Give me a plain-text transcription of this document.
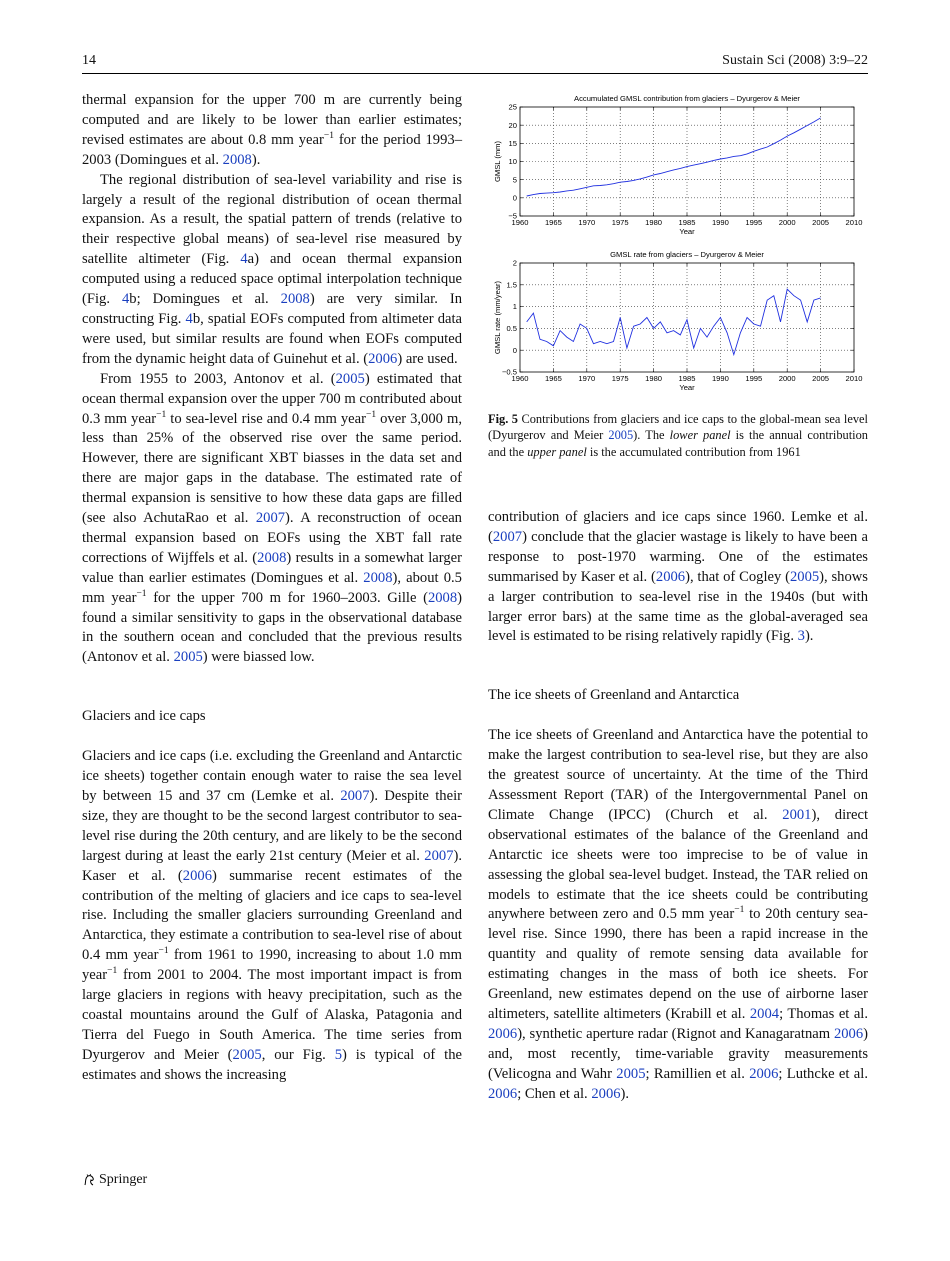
14	Sustain Sci (2008) 3:9–22

thermal expansion for the upper 700 m are currently being computed and are likely to be lower than earlier estimates; revised estimates are about 0.8 mm year$^{-1}$ for the period 1993–2003 (Domingues et al. 2008).

The regional distribution of sea-level variability and rise is largely a result of the regional distribution of ocean thermal expansion. As a result, the spatial pattern of trends (relative to their respective global means) of sea-level rise measured by satellite altimeter (Fig. 4a) and ocean thermal expansion computed using a reduced space optimal interpolation technique (Fig. 4b; Domingues et al. 2008) are very similar. In constructing Fig. 4b, spatial EOFs computed from altimeter data were used, but similar results are found when EOFs computed from the dynamic height data of Guinehut et al. (2006) are used.

From 1955 to 2003, Antonov et al. (2005) estimated that ocean thermal expansion over the upper 700 m contributed about 0.3 mm year$^{-1}$ to sea-level rise and 0.4 mm year$^{-1}$ over 3,000 m, less than 25% of the observed rise over the same period. However, there are significant XBT biasses in the data set and there are major gaps in the database. The estimated rate of thermal expansion is sensitive to how these data gaps are filled (see also AchutaRao et al. 2007). A reconstruction of ocean thermal expansion based on EOFs using the XBT fall rate corrections of Wijffels et al. (2008) results in a somewhat larger value than earlier estimates (Domingues et al. 2008), about 0.5 mm year$^{-1}$ for the upper 700 m for 1960–2003. Gille (2008) found a similar sensitivity to gaps in the observational database in the southern ocean and concluded that the previous results (Antonov et al. 2005) were biassed low.

Glaciers and ice caps

Glaciers and ice caps (i.e. excluding the Greenland and Antarctic ice sheets) together contain enough water to raise the sea level by between 15 and 37 cm (Lemke et al. 2007). Despite their size, they are thought to be the second largest contributor to sea-level rise during the 20th century, and are likely to be the second largest during at least the early 21st century (Meier et al. 2007). Kaser et al. (2006) summarise recent estimates of the contribution of the melting of glaciers and ice caps to sea-level rise. Including the smaller glaciers surrounding Greenland and Antarctica, they estimate a contribution to sea-level rise of about 0.4 mm year$^{-1}$ from 1961 to 1990, increasing to about 1.0 mm year$^{-1}$ from 2001 to 2004. The most important impact is from large glaciers in regions with heavy precipitation, such as the coastal mountains around the Gulf of Alaska, Patagonia and Tierra del Fuego in South America. The time series from Dyurgerov and Meier (2005, our Fig. 5) is typical of the estimates and shows the increasing

Accumulated GMSL contribution from glaciers – Dyurgerov & Meier
1960 1965 1970 1975 1980 1985 1990 1995 2000 2005 2010
−5
0
5
10
15
20
25
Year
GMSL (mm)
GMSL rate from glaciers – Dyurgerov & Meier
1960 1965 1970 1975 1980 1985 1990 1995 2000 2005 2010
−0.5
0
0.5
1
1.5
2
Year
GMSL rate (mm/year)
Fig. 5 Contributions from glaciers and ice caps to the global-mean sea level (Dyurgerov and Meier 2005). The lower panel is the annual contribution and the upper panel is the accumulated contribution from 1961

contribution of glaciers and ice caps since 1960. Lemke et al. (2007) conclude that the glacier wastage is likely to have been a response to post-1970 warming. One of the estimates summarised by Kaser et al. (2006), that of Cogley (2005), shows a larger contribution to sea-level rise in the 1940s (but with larger error bars) at the same time as the global-averaged sea level is estimated to be rising relatively rapidly (Fig. 3).

The ice sheets of Greenland and Antarctica

The ice sheets of Greenland and Antarctica have the potential to make the largest contribution to sea-level rise, but they are also the greatest source of uncertainty. At the time of the Third Assessment Report (TAR) of the Intergovernmental Panel on Climate Change (IPCC) (Church et al. 2001), direct observational estimates of the balance of the Greenland and Antarctic ice sheets were too imprecise to be of value in assessing the global sea-level budget. Instead, the TAR relied on models to estimate that the ice sheets could be contributing anywhere between zero and 0.5 mm year$^{-1}$ to 20th century sea-level rise. Since 1990, there has been a rapid increase in the quantity and quality of remote sensing data available for estimating changes in the mass of both ice sheets. For Greenland, new estimates depend on the use of airborne laser altimeters, satellite altimeters (Krabill et al. 2004; Thomas et al. 2006), synthetic aperture radar (Rignot and Kanagaratnam 2006) and, most recently, time-variable gravity measurements (Velicogna and Wahr 2005; Ramillien et al. 2006; Luthcke et al. 2006; Chen et al. 2006).

Springer
